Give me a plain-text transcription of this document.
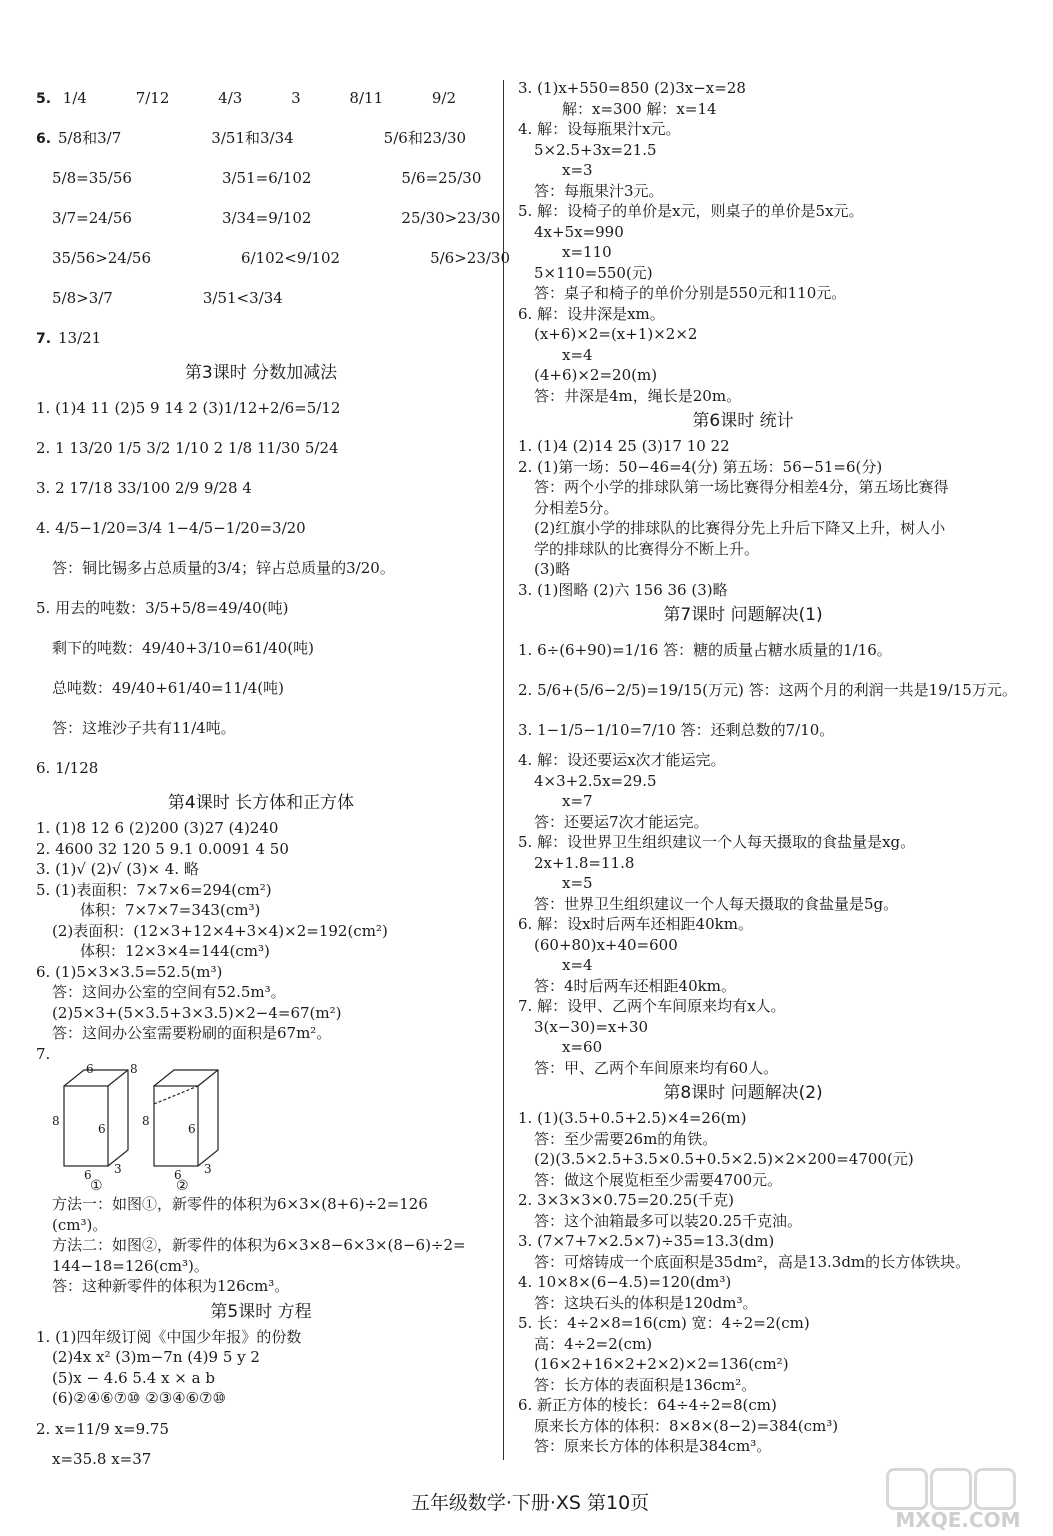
5. 1/4	7/12	4/3	3	8/11	9/2
6. 5/8和3/7	3/51和3/34	5/6和23/30
5/8=35/56	3/51=6/102	5/6=25/30
3/7=24/56	3/34=9/102	25/30>23/30
35/56>24/56	6/102<9/102	5/6>23/30
5/8>3/7	3/51<3/34
7. 13/21
第3课时 分数加减法
1. (1)4 11 (2)5 9 14 2 (3)1/12+2/6=5/12
2. 1 13/20 1/5 3/2 1/10 2 1/8 11/30 5/24
3. 2 17/18 33/100 2/9 9/28 4
4. 4/5−1/20=3/4 1−4/5−1/20=3/20
答：铜比锡多占总质量的3/4；锌占总质量的3/20。
5. 用去的吨数：3/5+5/8=49/40(吨)
剩下的吨数：49/40+3/10=61/40(吨)
总吨数：49/40+61/40=11/4(吨)
答：这堆沙子共有11/4吨。
6. 1/128
第4课时 长方体和正方体
1. (1)8 12 6 (2)200 (3)27 (4)240
2. 4600 32 120 5 9.1 0.0091 4 50
3. (1)√ (2)√ (3)× 4. 略
5. (1)表面积：7×7×6=294(cm²)
体积：7×7×7=343(cm³)
(2)表面积：(12×3+12×4+3×4)×2=192(cm²)
体积：12×3×4=144(cm³)
6. (1)5×3×3.5=52.5(m³)
答：这间办公室的空间有52.5m³。
(2)5×3+(5×3.5+3×3.5)×2−4=67(m²)
答：这间办公室需要粉刷的面积是67m²。
7.
6	8
8
6
6 3
8
6
6 3
①	②
方法一：如图①，新零件的体积为6×3×(8+6)÷2=126
(cm³)。
方法二：如图②，新零件的体积为6×3×8−6×3×(8−6)÷2=
144−18=126(cm³)。
答：这种新零件的体积为126cm³。
第5课时 方程
1. (1)四年级订阅《中国少年报》的份数
(2)4x x² (3)m−7n (4)9 5 y 2
(5)x − 4.6 5.4 x × a b
(6)②④⑥⑦⑩ ②③④⑥⑦⑩
2. x=11/9 x=9.75
x=35.8 x=37
3. (1)x+550=850 (2)3x−x=28
解：x=300 解：x=14
4. 解：设每瓶果汁x元。
5×2.5+3x=21.5
x=3
答：每瓶果汁3元。
5. 解：设椅子的单价是x元，则桌子的单价是5x元。
4x+5x=990
x=110
5×110=550(元)
答：桌子和椅子的单价分别是550元和110元。
6. 解：设井深是xm。
(x+6)×2=(x+1)×2×2
x=4
(4+6)×2=20(m)
答：井深是4m，绳长是20m。
第6课时 统计
1. (1)4 (2)14 25 (3)17 10 22
2. (1)第一场：50−46=4(分) 第五场：56−51=6(分)
答：两个小学的排球队第一场比赛得分相差4分，第五场比赛得
分相差5分。
(2)红旗小学的排球队的比赛得分先上升后下降又上升，树人小
学的排球队的比赛得分不断上升。
(3)略
3. (1)图略 (2)六 156 36 (3)略
第7课时 问题解决(1)
1. 6÷(6+90)=1/16 答：糖的质量占糖水质量的1/16。
2. 5/6+(5/6−2/5)=19/15(万元) 答：这两个月的利润一共是19/15万元。
3. 1−1/5−1/10=7/10 答：还剩总数的7/10。
4. 解：设还要运x次才能运完。
4×3+2.5x=29.5
x=7
答：还要运7次才能运完。
5. 解：设世界卫生组织建议一个人每天摄取的食盐量是xg。
2x+1.8=11.8
x=5
答：世界卫生组织建议一个人每天摄取的食盐量是5g。
6. 解：设x时后两车还相距40km。
(60+80)x+40=600
x=4
答：4时后两车还相距40km。
7. 解：设甲、乙两个车间原来均有x人。
3(x−30)=x+30
x=60
答：甲、乙两个车间原来均有60人。
第8课时 问题解决(2)
1. (1)(3.5+0.5+2.5)×4=26(m)
答：至少需要26m的角铁。
(2)(3.5×2.5+3.5×0.5+0.5×2.5)×2×200=4700(元)
答：做这个展览柜至少需要4700元。
2. 3×3×3×0.75=20.25(千克)
答：这个油箱最多可以装20.25千克油。
3. (7×7+7×2.5×7)÷35=13.3(dm)
答：可熔铸成一个底面积是35dm²，高是13.3dm的长方体铁块。
4. 10×8×(6−4.5)=120(dm³)
答：这块石头的体积是120dm³。
5. 长：4÷2×8=16(cm) 宽：4÷2=2(cm)
高：4÷2=2(cm)
(16×2+16×2+2×2)×2=136(cm²)
答：长方体的表面积是136cm²。
6. 新正方体的棱长：64÷4÷2=8(cm)
原来长方体的体积：8×8×(8−2)=384(cm³)
答：原来长方体的体积是384cm³。
五年级数学·下册·XS 第10页
MXQE.COM
